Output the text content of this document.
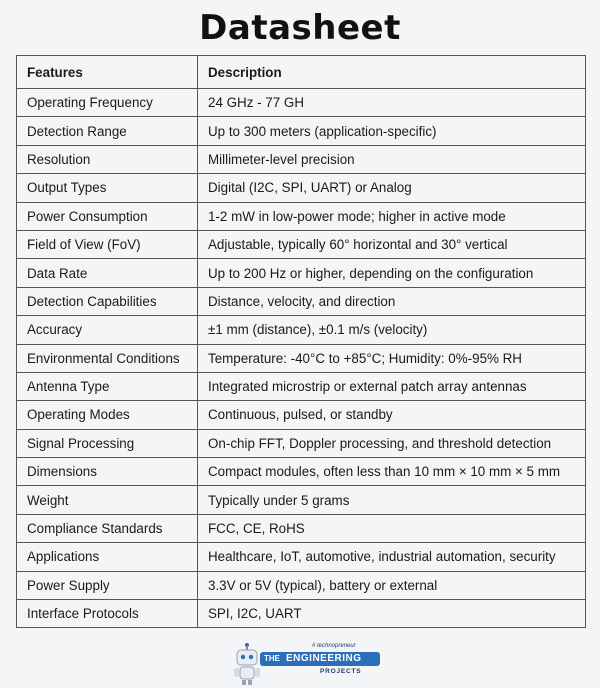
Datasheet
Features	Description
Operating Frequency	24 GHz - 77 GH
Detection Range	Up to 300 meters (application-specific)
Resolution	Millimeter-level precision
Output Types	Digital (I2C, SPI, UART) or Analog
Power Consumption	1-2 mW in low-power mode; higher in active mode
Field of View (FoV)	Adjustable, typically 60° horizontal and 30° vertical
Data Rate	Up to 200 Hz or higher, depending on the configuration
Detection Capabilities	Distance, velocity, and direction
Accuracy	±1 mm (distance), ±0.1 m/s (velocity)
Environmental Conditions	Temperature: -40°C to +85°C; Humidity: 0%-95% RH
Antenna Type	Integrated microstrip or external patch array antennas
Operating Modes	Continuous, pulsed, or standby
Signal Processing	On-chip FFT, Doppler processing, and threshold detection
Dimensions	Compact modules, often less than 10 mm × 10 mm × 5 mm
Weight	Typically under 5 grams
Compliance Standards	FCC, CE, RoHS
Applications	Healthcare, IoT, automotive, industrial automation, security
Power Supply	3.3V or 5V (typical), battery or external
Interface Protocols	SPI, I2C, UART
# technopreneur
THE ENGINEERING
PROJECTS
